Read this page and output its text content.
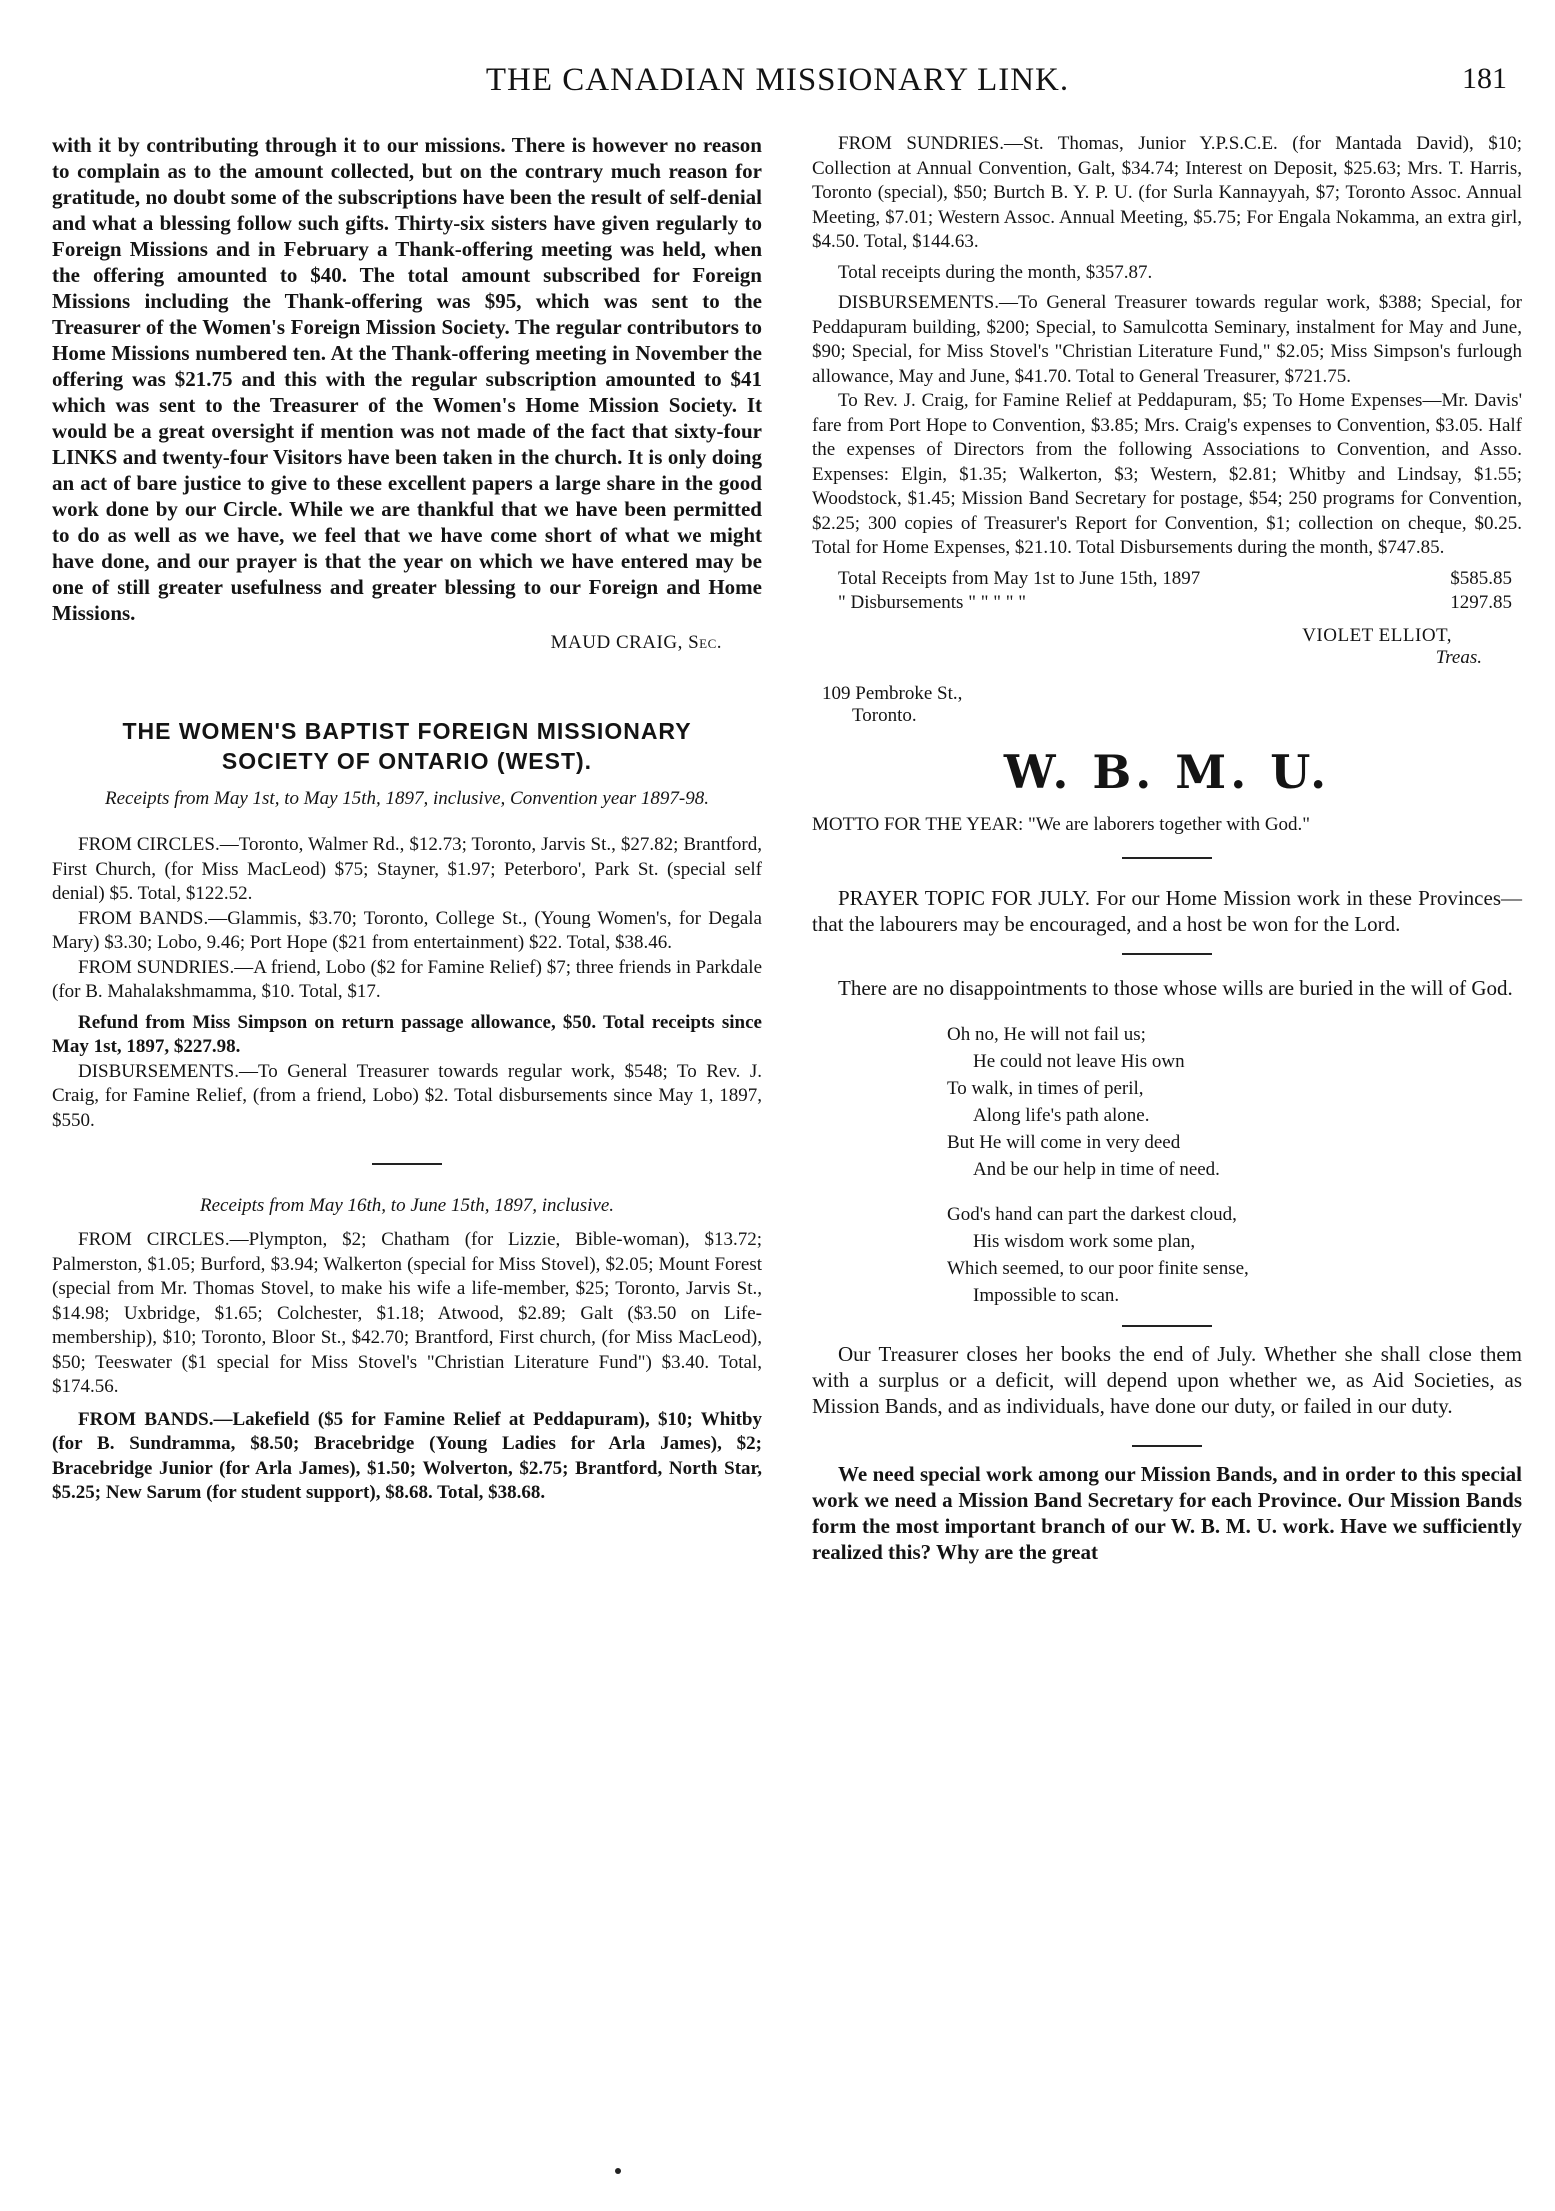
THE CANADIAN MISSIONARY LINK.	181

with it by contributing through it to our missions. There is however no reason to complain as to the amount collected, but on the contrary much reason for gratitude, no doubt some of the subscriptions have been the result of self-denial and what a blessing follow such gifts. Thirty-six sisters have given regularly to Foreign Missions and in February a Thank-offering meeting was held, when the offering amounted to $40. The total amount subscribed for Foreign Missions including the Thank-offering was $95, which was sent to the Treasurer of the Women's Foreign Mission Society. The regular contributors to Home Missions numbered ten. At the Thank-offering meeting in November the offering was $21.75 and this with the regular subscription amounted to $41 which was sent to the Treasurer of the Women's Home Mission Society. It would be a great oversight if mention was not made of the fact that sixty-four LINKS and twenty-four Visitors have been taken in the church. It is only doing an act of bare justice to give to these excellent papers a large share in the good work done by our Circle. While we are thankful that we have been permitted to do as well as we have, we feel that we have come short of what we might have done, and our prayer is that the year on which we have entered may be one of still greater usefulness and greater blessing to our Foreign and Home Missions.

MAUD CRAIG, Sec.

THE WOMEN'S BAPTIST FOREIGN MISSIONARY

SOCIETY OF ONTARIO (WEST).

Receipts from May 1st, to May 15th, 1897, inclusive, Convention year 1897-98.

FROM CIRCLES.—Toronto, Walmer Rd., $12.73; Toronto, Jarvis St., $27.82; Brantford, First Church, (for Miss MacLeod) $75; Stayner, $1.97; Peterboro', Park St. (special self denial) $5. Total, $122.52.

FROM BANDS.—Glammis, $3.70; Toronto, College St., (Young Women's, for Degala Mary) $3.30; Lobo, 9.46; Port Hope ($21 from entertainment) $22. Total, $38.46.

FROM SUNDRIES.—A friend, Lobo ($2 for Famine Relief) $7; three friends in Parkdale (for B. Mahalakshmamma, $10. Total, $17.

Refund from Miss Simpson on return passage allowance, $50. Total receipts since May 1st, 1897, $227.98.

DISBURSEMENTS.—To General Treasurer towards regular work, $548; To Rev. J. Craig, for Famine Relief, (from a friend, Lobo) $2. Total disbursements since May 1, 1897, $550.

Receipts from May 16th, to June 15th, 1897, inclusive.

FROM CIRCLES.—Plympton, $2; Chatham (for Lizzie, Bible-woman), $13.72; Palmerston, $1.05; Burford, $3.94; Walkerton (special for Miss Stovel), $2.05; Mount Forest (special from Mr. Thomas Stovel, to make his wife a life-member, $25; Toronto, Jarvis St., $14.98; Uxbridge, $1.65; Colchester, $1.18; Atwood, $2.89; Galt ($3.50 on Life-membership), $10; Toronto, Bloor St., $42.70; Brantford, First church, (for Miss MacLeod), $50; Teeswater ($1 special for Miss Stovel's "Christian Literature Fund") $3.40. Total, $174.56.

FROM BANDS.—Lakefield ($5 for Famine Relief at Peddapuram), $10; Whitby (for B. Sundramma, $8.50; Bracebridge (Young Ladies for Arla James), $2; Bracebridge Junior (for Arla James), $1.50; Wolverton, $2.75; Brantford, North Star, $5.25; New Sarum (for student support), $8.68. Total, $38.68.

FROM SUNDRIES.—St. Thomas, Junior Y.P.S.C.E. (for Mantada David), $10; Collection at Annual Convention, Galt, $34.74; Interest on Deposit, $25.63; Mrs. T. Harris, Toronto (special), $50; Burtch B. Y. P. U. (for Surla Kannayyah, $7; Toronto Assoc. Annual Meeting, $7.01; Western Assoc. Annual Meeting, $5.75; For Engala Nokamma, an extra girl, $4.50. Total, $144.63.

Total receipts during the month, $357.87.

DISBURSEMENTS.—To General Treasurer towards regular work, $388; Special, for Peddapuram building, $200; Special, to Samulcotta Seminary, instalment for May and June, $90; Special, for Miss Stovel's "Christian Literature Fund," $2.05; Miss Simpson's furlough allowance, May and June, $41.70. Total to General Treasurer, $721.75.

To Rev. J. Craig, for Famine Relief at Peddapuram, $5; To Home Expenses—Mr. Davis' fare from Port Hope to Convention, $3.85; Mrs. Craig's expenses to Convention, $3.05. Half the expenses of Directors from the following Associations to Convention, and Asso. Expenses: Elgin, $1.35; Walkerton, $3; Western, $2.81; Whitby and Lindsay, $1.55; Woodstock, $1.45; Mission Band Secretary for postage, $54; 250 programs for Convention, $2.25; 300 copies of Treasurer's Report for Convention, $1; collection on cheque, $0.25. Total for Home Expenses, $21.10. Total Disbursements during the month, $747.85.

Total Receipts from May 1st to June 15th, 1897	$585.85
" Disbursements " " " " "	1297.85

VIOLET ELLIOT,

Treas.

109 Pembroke St.,

Toronto.

W. B. M. U.

MOTTO FOR THE YEAR: "We are laborers together with God."

PRAYER TOPIC FOR JULY. For our Home Mission work in these Provinces—that the labourers may be encouraged, and a host be won for the Lord.

There are no disappointments to those whose wills are buried in the will of God.

Oh no, He will not fail us;

He could not leave His own

To walk, in times of peril,

Along life's path alone.

But He will come in very deed

And be our help in time of need.

God's hand can part the darkest cloud,

His wisdom work some plan,

Which seemed, to our poor finite sense,

Impossible to scan.

Our Treasurer closes her books the end of July. Whether she shall close them with a surplus or a deficit, will depend upon whether we, as Aid Societies, as Mission Bands, and as individuals, have done our duty, or failed in our duty.

We need special work among our Mission Bands, and in order to this special work we need a Mission Band Secretary for each Province. Our Mission Bands form the most important branch of our W. B. M. U. work. Have we sufficiently realized this? Why are the great
